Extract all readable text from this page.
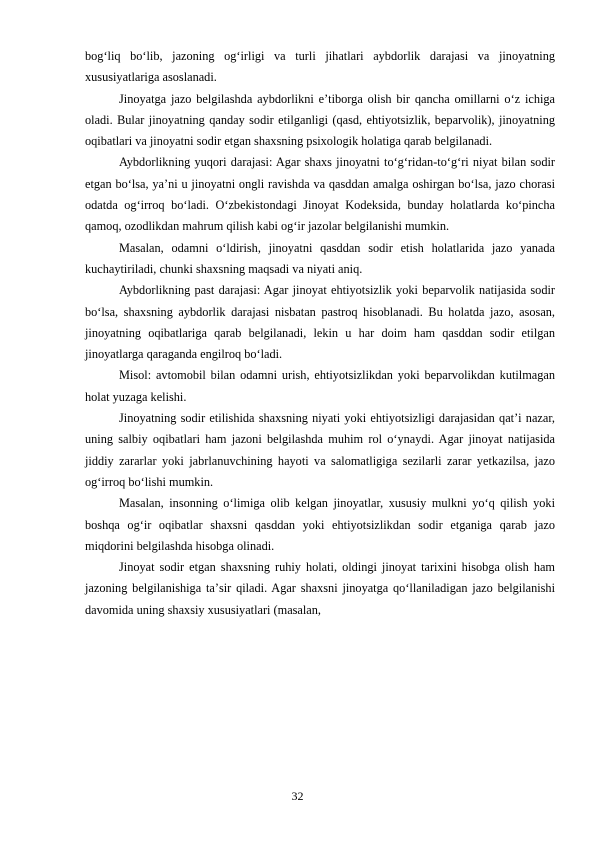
bogʻliq boʻlib, jazoning ogʻirligi va turli jihatlari aybdorlik darajasi va jinoyatning xususiyatlariga asoslanadi.

Jinoyatga jazo belgilashda aybdorlikni eʼtiborga olish bir qancha omillarni oʻz ichiga oladi. Bular jinoyatning qanday sodir etilganligi (qasd, ehtiyotsizlik, beparvolik), jinoyatning oqibatlari va jinoyatni sodir etgan shaxsning psixologik holatiga qarab belgilanadi.

Aybdorlikning yuqori darajasi: Agar shaxs jinoyatni toʻgʻridan-toʻgʻri niyat bilan sodir etgan boʻlsa, yaʼni u jinoyatni ongli ravishda va qasddan amalga oshirgan boʻlsa, jazo chorasi odatda ogʻirroq boʻladi. Oʻzbekistondagi Jinoyat Kodeksida, bunday holatlarda koʻpincha qamoq, ozodlikdan mahrum qilish kabi ogʻir jazolar belgilanishi mumkin.

Masalan, odamni oʻldirish, jinoyatni qasddan sodir etish holatlarida jazo yanada kuchaytiriladi, chunki shaxsning maqsadi va niyati aniq.

Aybdorlikning past darajasi: Agar jinoyat ehtiyotsizlik yoki beparvolik natijasida sodir boʻlsa, shaxsning aybdorlik darajasi nisbatan pastroq hisoblanadi. Bu holatda jazo, asosan, jinoyatning oqibatlariga qarab belgilanadi, lekin u har doim ham qasddan sodir etilgan jinoyatlarga qaraganda engilroq boʻladi.

Misol: avtomobil bilan odamni urish, ehtiyotsizlikdan yoki beparvolikdan kutilmagan holat yuzaga kelishi.

Jinoyatning sodir etilishida shaxsning niyati yoki ehtiyotsizligi darajasidan qatʼi nazar, uning salbiy oqibatlari ham jazoni belgilashda muhim rol oʻynaydi. Agar jinoyat natijasida jiddiy zararlar yoki jabrlanuvchining hayoti va salomatligiga sezilarli zarar yetkazilsa, jazo ogʻirroq boʻlishi mumkin.

Masalan, insonning oʻlimiga olib kelgan jinoyatlar, xususiy mulkni yoʻq qilish yoki boshqa ogʻir oqibatlar shaxsni qasddan yoki ehtiyotsizlikdan sodir etganiga qarab jazo miqdorini belgilashda hisobga olinadi.

Jinoyat sodir etgan shaxsning ruhiy holati, oldingi jinoyat tarixini hisobga olish ham jazoning belgilanishiga taʼsir qiladi. Agar shaxsni jinoyatga qoʻllaniladigan jazo belgilanishi davomida uning shaxsiy xususiyatlari (masalan,

32
